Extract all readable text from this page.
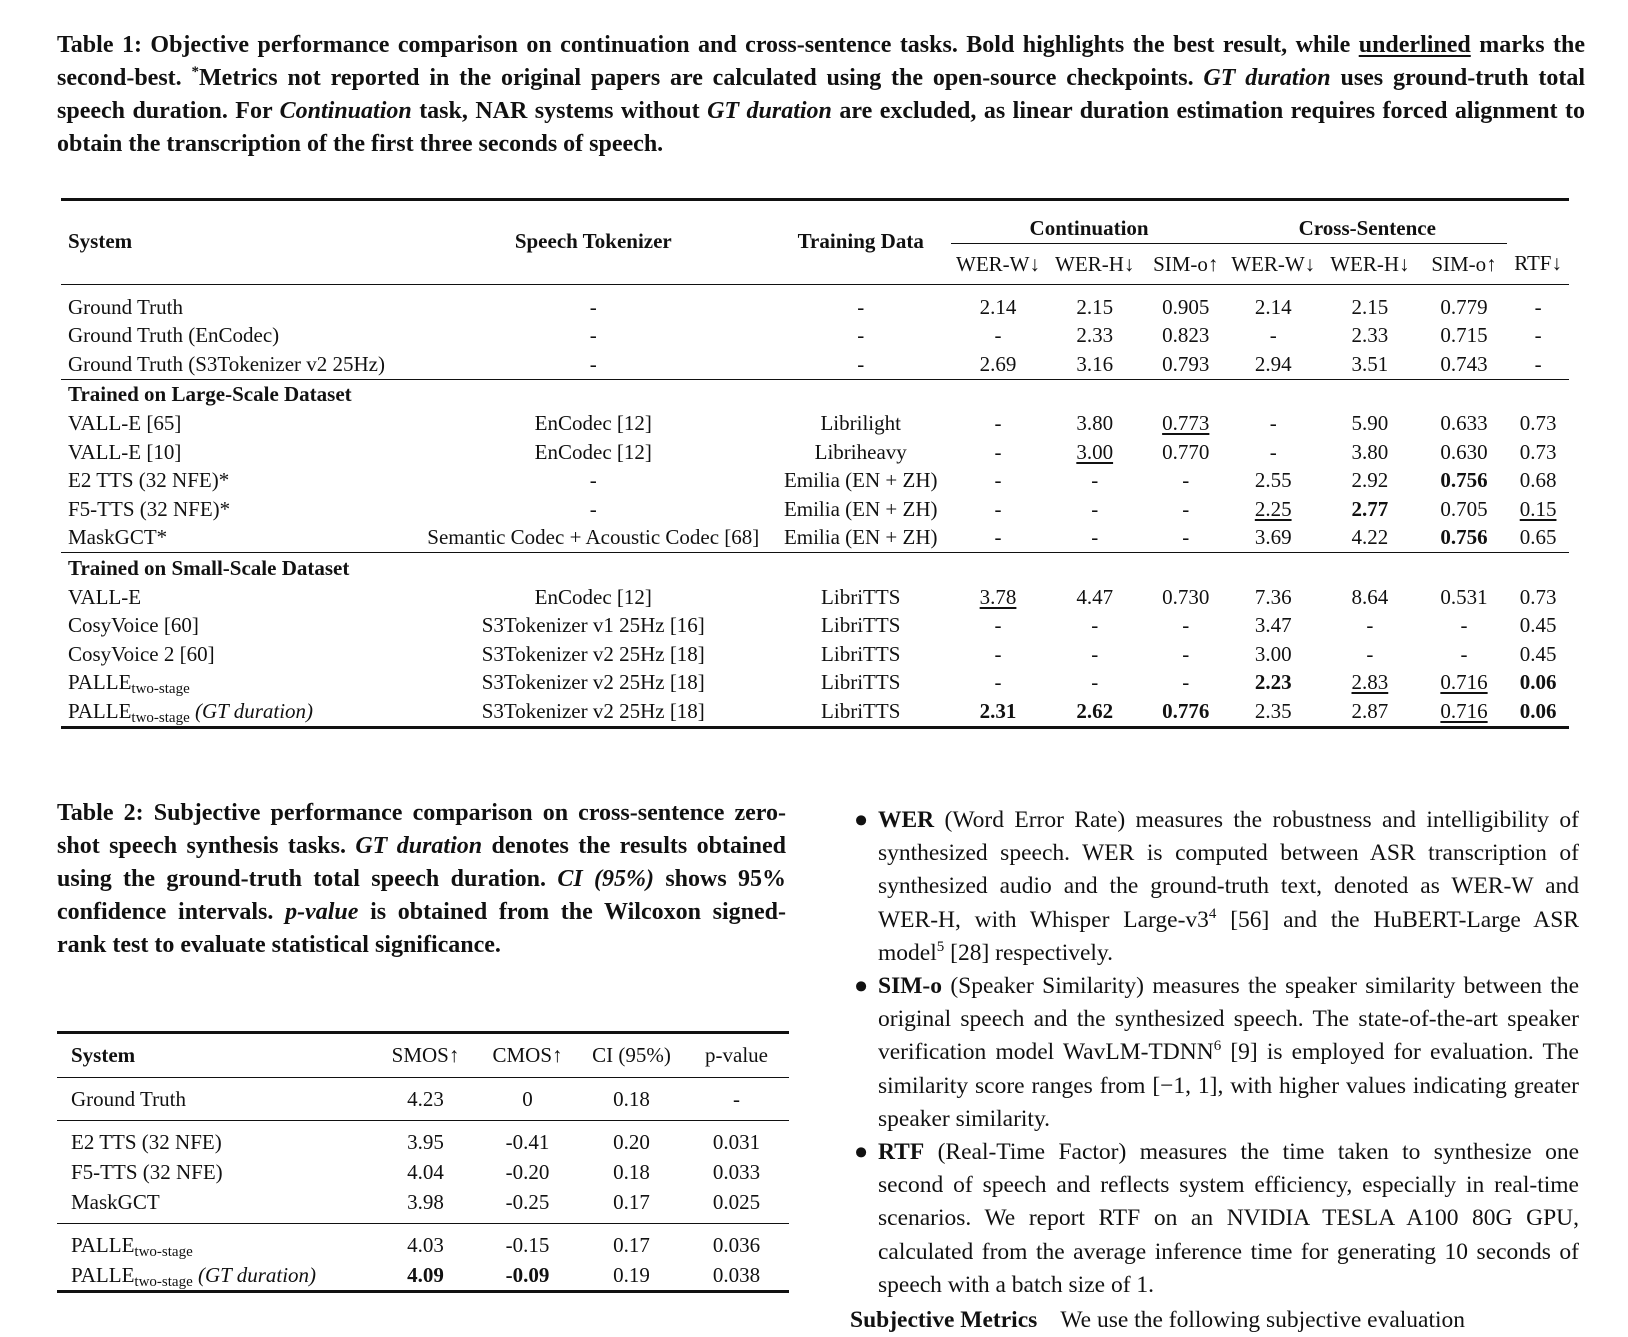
Table 1: Objective performance comparison on continuation and cross-sentence tasks. Bold highlights the best result, while underlined marks the second-best. *Metrics not reported in the original papers are calculated using the open-source checkpoints. GT duration uses ground-truth total speech duration. For Continuation task, NAR systems without GT duration are excluded, as linear duration estimation requires forced alignment to obtain the transcription of the first three seconds of speech.
System	Speech Tokenizer	Training Data	Continuation			Cross-Sentence			
			WER-W↓	WER-H↓	SIM-o↑	WER-W↓	WER-H↓	SIM-o↑	RTF↓

Ground Truth	-	-	2.14	2.15	0.905	2.14	2.15	0.779	-
Ground Truth (EnCodec)	-	-	-	2.33	0.823	-	2.33	0.715	-
Ground Truth (S3Tokenizer v2 25Hz)	-	-	2.69	3.16	0.793	2.94	3.51	0.743	-
Trained on Large-Scale Dataset									
VALL-E [65]	EnCodec [12]	Librilight	-	3.80	0.773	-	5.90	0.633	0.73
VALL-E [10]	EnCodec [12]	Libriheavy	-	3.00	0.770	-	3.80	0.630	0.73
E2 TTS (32 NFE)*	-	Emilia (EN + ZH)	-	-	-	2.55	2.92	0.756	0.68
F5-TTS (32 NFE)*	-	Emilia (EN + ZH)	-	-	-	2.25	2.77	0.705	0.15
MaskGCT*	Semantic Codec + Acoustic Codec [68]	Emilia (EN + ZH)	-	-	-	3.69	4.22	0.756	0.65
Trained on Small-Scale Dataset									
VALL-E	EnCodec [12]	LibriTTS	3.78	4.47	0.730	7.36	8.64	0.531	0.73
CosyVoice [60]	S3Tokenizer v1 25Hz [16]	LibriTTS	-	-	-	3.47	-	-	0.45
CosyVoice 2 [60]	S3Tokenizer v2 25Hz [18]	LibriTTS	-	-	-	3.00	-	-	0.45
$PALLE_{two-stage}$	S3Tokenizer v2 25Hz [18]	LibriTTS	-	-	-	2.23	2.83	0.716	0.06
$PALLE_{two-stage}$ (GT duration)	S3Tokenizer v2 25Hz [18]	LibriTTS	2.31	2.62	0.776	2.35	2.87	0.716	0.06
Table 2: Subjective performance comparison on cross-sentence zero-shot speech synthesis tasks. GT duration denotes the results obtained using the ground-truth total speech duration. CI (95%) shows 95% confidence intervals. p-value is obtained from the Wilcoxon signed-rank test to evaluate statistical significance.
System	SMOS↑	CMOS↑	CI (95%)	p-value
Ground Truth	4.23	0	0.18	-

E2 TTS (32 NFE)	3.95	-0.41	0.20	0.031
F5-TTS (32 NFE)	4.04	-0.20	0.18	0.033
MaskGCT	3.98	-0.25	0.17	0.025

$PALLE_{two-stage}$	4.03	-0.15	0.17	0.036
$PALLE_{two-stage}$ (GT duration)	4.09	-0.09	0.19	0.038
● WER (Word Error Rate) measures the robustness and intelligibility of synthesized speech. WER is computed between ASR transcription of synthesized audio and the ground-truth text, denoted as WER-W and WER-H, with Whisper Large-$v3^4$ [56] and the HuBERT-Large ASR model$^5$ [28] respectively.
● SIM-o (Speaker Similarity) measures the speaker similarity between the original speech and the synthesized speech. The state-of-the-art speaker verification model WavLM-TDNN$^6$ [9] is employed for evaluation. The similarity score ranges from [−1, 1], with higher values indicating greater speaker similarity.
● RTF (Real-Time Factor) measures the time taken to synthesize one second of speech and reflects system efficiency, especially in real-time scenarios. We report RTF on an NVIDIA TESLA A100 80G GPU, calculated from the average inference time for generating 10 seconds of speech with a batch size of 1.
Subjective Metrics We use the following subjective evaluation
